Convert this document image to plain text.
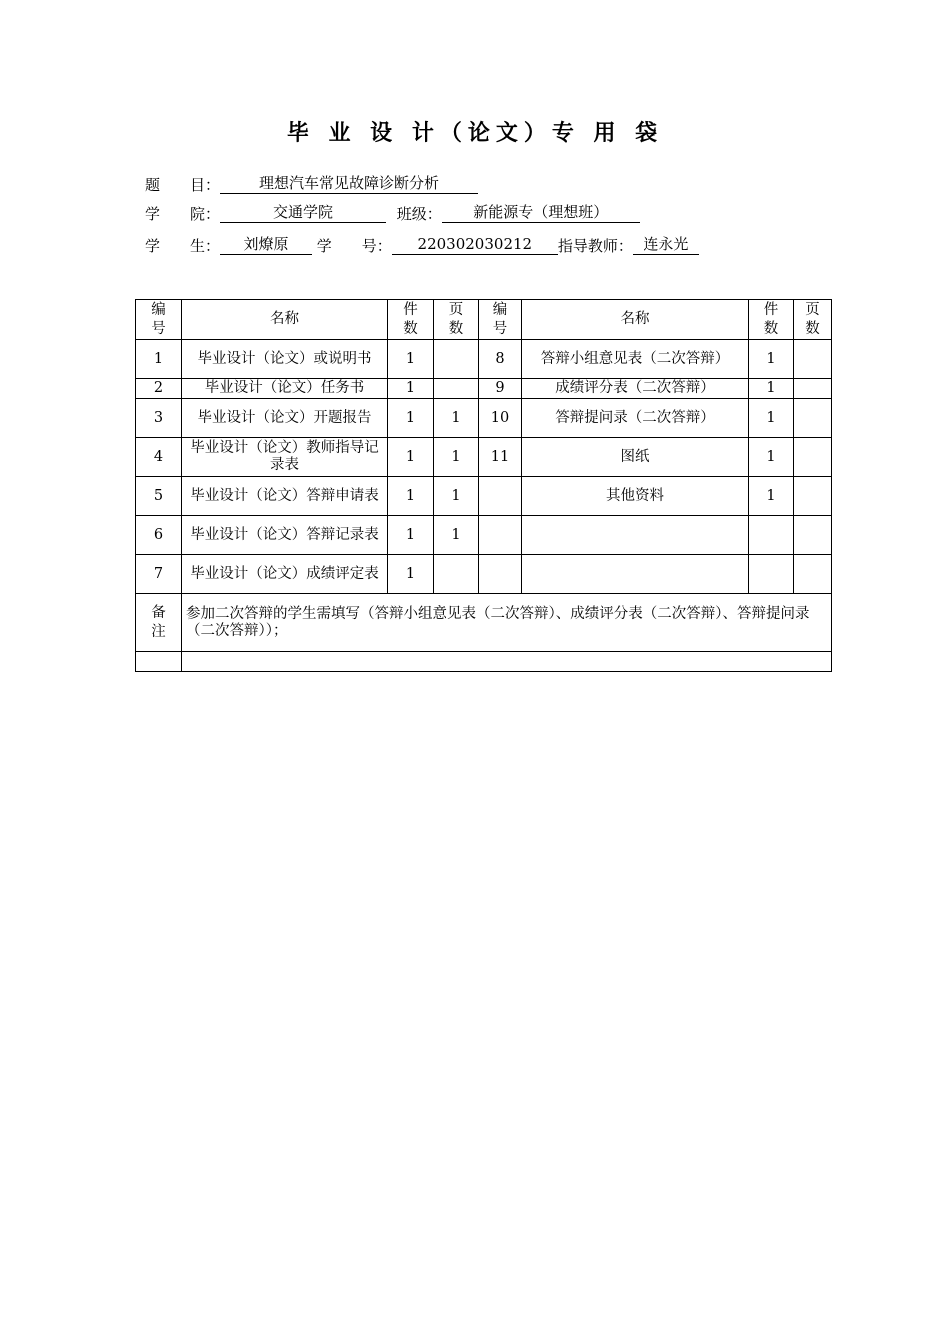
毕 业 设 计（论文）专 用 袋
题　　目：	理想汽车常见故障诊断分析
学　　院：	交通学院	班级： 新能源专（理想班）
学　　生： 刘燎原 学　　号： 220302030212 指导教师： 连永光
编号	名称	件数	页数	编号	名称	件数	页数
1	毕业设计（论文）或说明书	1		8	答辩小组意见表（二次答辩）	1	
2	毕业设计（论文）任务书	1		9	成绩评分表（二次答辩）	1	
3	毕业设计（论文）开题报告	1	1	10	答辩提问录（二次答辩）	1	
4	毕业设计（论文）教师指导记录表	1	1	11	图纸	1	
5	毕业设计（论文）答辩申请表	1	1		其他资料	1	
6	毕业设计（论文）答辩记录表	1	1				
7	毕业设计（论文）成绩评定表	1					
备注	参加二次答辩的学生需填写（答辩小组意见表（二次答辩）、成绩评分表（二次答辩）、答辩提问录（二次答辩））；						
